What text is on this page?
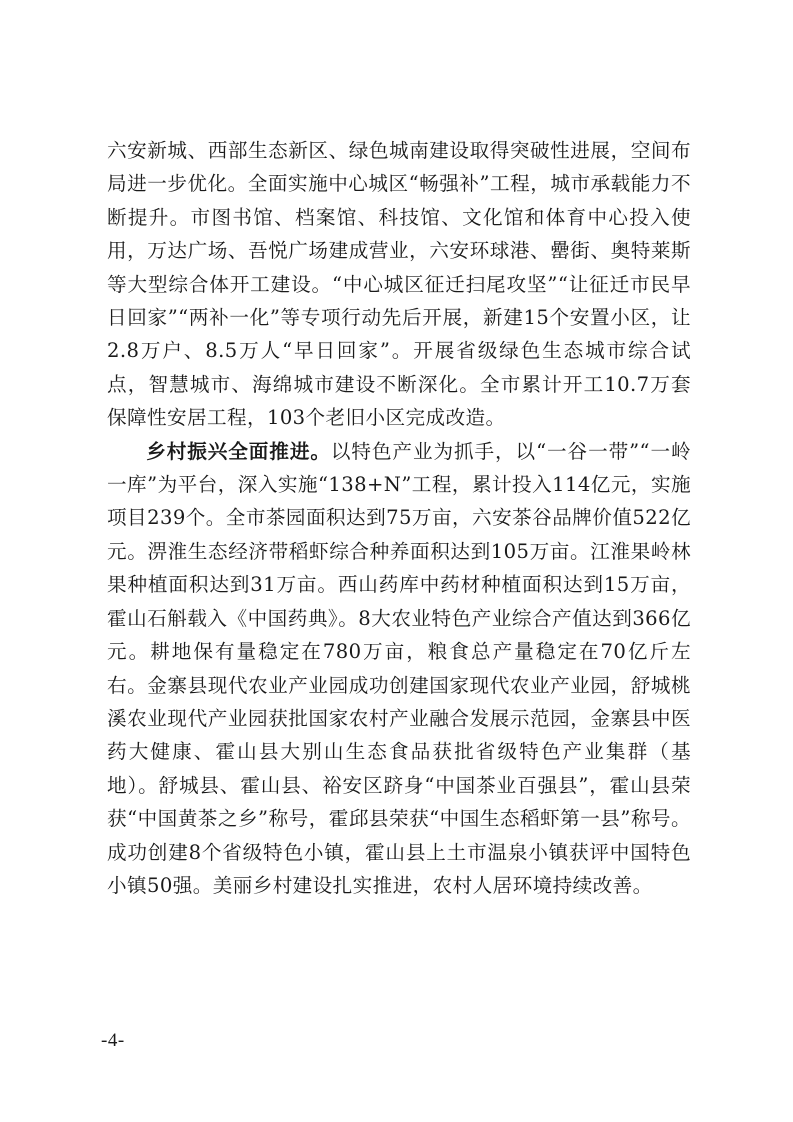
六安新城、西部生态新区、绿色城南建设取得突破性进展，空间布局进一步优化。全面实施中心城区“畅强补”工程，城市承载能力不断提升。市图书馆、档案馆、科技馆、文化馆和体育中心投入使用，万达广场、吾悦广场建成营业，六安环球港、罍街、奥特莱斯等大型综合体开工建设。“中心城区征迁扫尾攻坚”“让征迁市民早日回家”“两补一化”等专项行动先后开展，新建15个安置小区，让2.8万户、8.5万人“早日回家”。开展省级绿色生态城市综合试点，智慧城市、海绵城市建设不断深化。全市累计开工10.7万套保障性安居工程，103个老旧小区完成改造。

乡村振兴全面推进。以特色产业为抓手，以“一谷一带”“一岭一库”为平台，深入实施“138+N”工程，累计投入114亿元，实施项目239个。全市茶园面积达到75万亩，六安茶谷品牌价值522亿元。淠淮生态经济带稻虾综合种养面积达到105万亩。江淮果岭林果种植面积达到31万亩。西山药库中药材种植面积达到15万亩，霍山石斛载入《中国药典》。8大农业特色产业综合产值达到366亿元。耕地保有量稳定在780万亩，粮食总产量稳定在70亿斤左右。金寨县现代农业产业园成功创建国家现代农业产业园，舒城桃溪农业现代产业园获批国家农村产业融合发展示范园，金寨县中医药大健康、霍山县大别山生态食品获批省级特色产业集群（基地）。舒城县、霍山县、裕安区跻身“中国茶业百强县”，霍山县荣获“中国黄茶之乡”称号，霍邱县荣获“中国生态稻虾第一县”称号。成功创建8个省级特色小镇，霍山县上土市温泉小镇获评中国特色小镇50强。美丽乡村建设扎实推进，农村人居环境持续改善。

-4-
